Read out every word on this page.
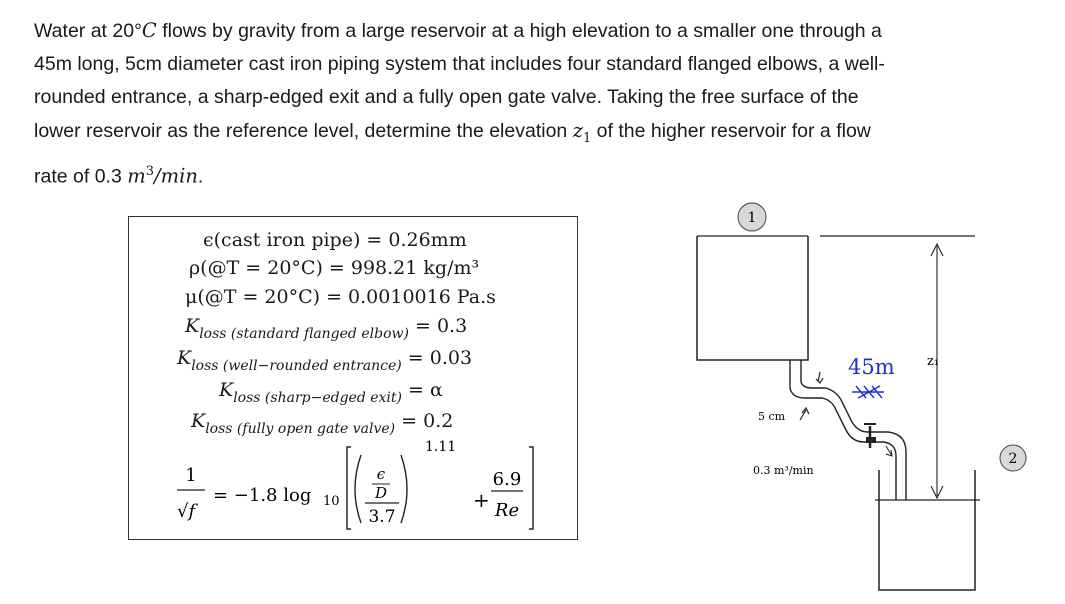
Water at 20°C flows by gravity from a large reservoir at a high elevation to a smaller one through a

45m long, 5cm diameter cast iron piping system that includes four standard flanged elbows, a well-

rounded entrance, a sharp-edged exit and a fully open gate valve. Taking the free surface of the

lower reservoir as the reference level, determine the elevation $z_1$ of the higher reservoir for a flow

rate of 0.3 $m^3/\min$.

ϵ(cast iron pipe) = 0.26mm
ρ(@T = 20°C) = 998.21 kg/m³
μ(@T = 20°C) = 0.0010016 Pa.s
$K_{loss (standard flanged elbow)} = 0.3$
$K_{loss (well-rounded entrance)} = 0.03$
$K_{loss (sharp-edged exit)} = \alpha$
$K_{loss (fully open gate valve)} = 0.2$
1
√f
= −1.8 log 10
ϵ
D
3.7
1.11
+
6.9
Re
1
2
z₁
5 cm
0.3 m³/min
45m
